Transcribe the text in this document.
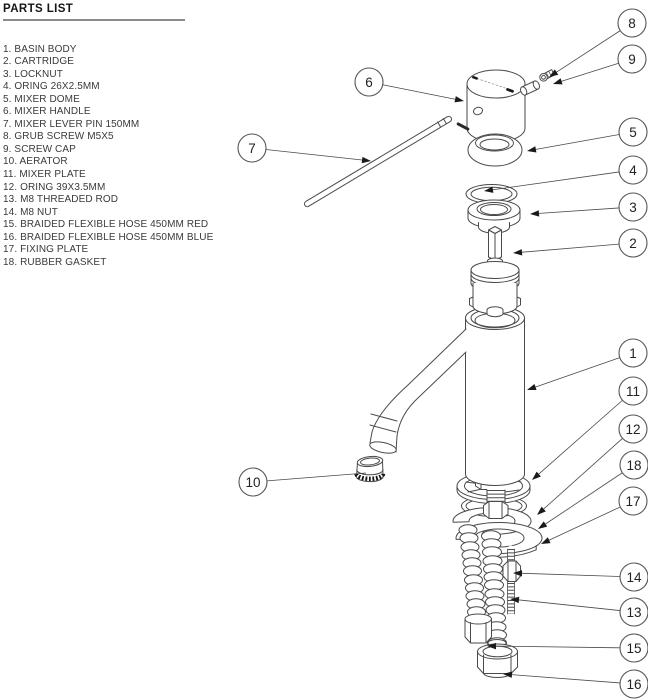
PARTS LIST
1. BASIN BODY
2. CARTRIDGE
3. LOCKNUT
4. ORING 26X2.5MM
5. MIXER DOME
6. MIXER HANDLE
7. MIXER LEVER PIN 150MM
8. GRUB SCREW M5X5
9. SCREW CAP
10. AERATOR
11. MIXER PLATE
12. ORING 39X3.5MM
13. M8 THREADED ROD
14. M8 NUT
15. BRAIDED FLEXIBLE HOSE 450MM RED
16. BRAIDED FLEXIBLE HOSE 450MM BLUE
17. FIXING PLATE
18. RUBBER GASKET
8
9
6
5
7
4
3
2
1
11
12
18
10
17
14
13
15
16
